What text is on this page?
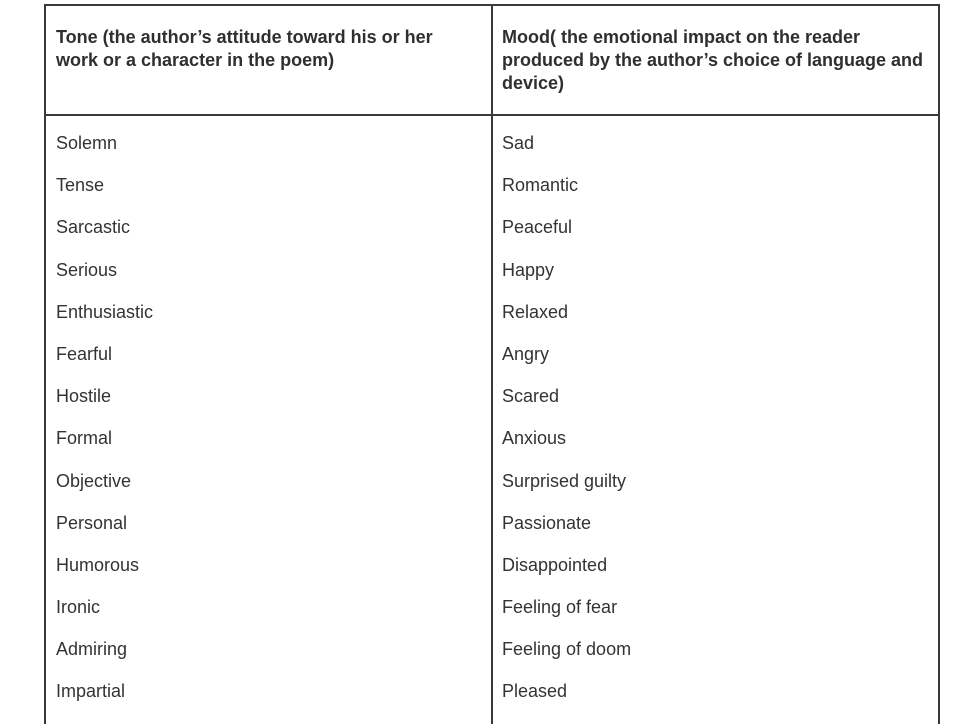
Tone (the author’s attitude toward his or her work or a character in the poem)
Mood( the emotional impact on the reader produced by the author’s choice of language and device)
Solemn
Tense
Sarcastic
Serious
Enthusiastic
Fearful
Hostile
Formal
Objective
Personal
Humorous
Ironic
Admiring
Impartial
Sad
Romantic
Peaceful
Happy
Relaxed
Angry
Scared
Anxious
Surprised guilty
Passionate
Disappointed
Feeling of fear
Feeling of doom
Pleased
